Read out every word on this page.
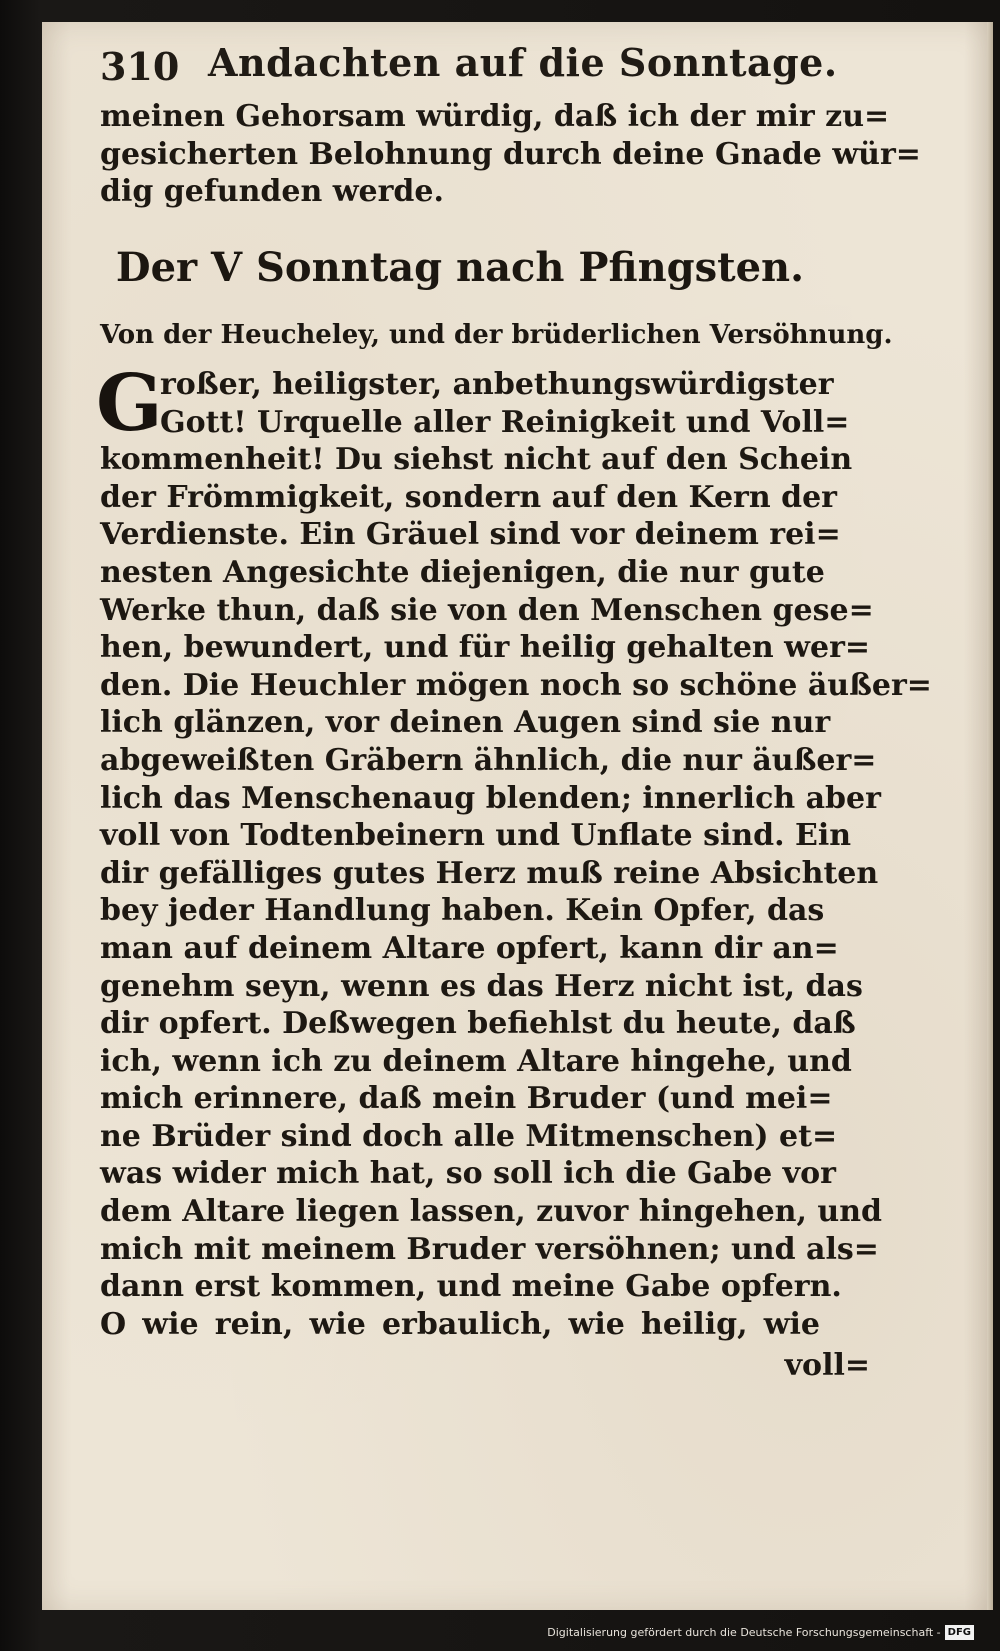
310 Andachten auf die Sonntage.
meinen Gehorsam würdig, daß ich der mir zu=
gesicherten Belohnung durch deine Gnade wür=
dig gefunden werde.
Der V Sonntag nach Pfingsten.
Von der Heucheley, und der brüderlichen Versöhnung.
G
roßer, heiligster, anbethungswürdigster
Gott! Urquelle aller Reinigkeit und Voll=
kommenheit! Du siehst nicht auf den Schein
der Frömmigkeit, sondern auf den Kern der
Verdienste. Ein Gräuel sind vor deinem rei=
nesten Angesichte diejenigen, die nur gute
Werke thun, daß sie von den Menschen gese=
hen, bewundert, und für heilig gehalten wer=
den. Die Heuchler mögen noch so schöne äußer=
lich glänzen, vor deinen Augen sind sie nur
abgeweißten Gräbern ähnlich, die nur äußer=
lich das Menschenaug blenden; innerlich aber
voll von Todtenbeinern und Unflate sind. Ein
dir gefälliges gutes Herz muß reine Absichten
bey jeder Handlung haben. Kein Opfer, das
man auf deinem Altare opfert, kann dir an=
genehm seyn, wenn es das Herz nicht ist, das
dir opfert. Deßwegen befiehlst du heute, daß
ich, wenn ich zu deinem Altare hingehe, und
mich erinnere, daß mein Bruder (und mei=
ne Brüder sind doch alle Mitmenschen) et=
was wider mich hat, so soll ich die Gabe vor
dem Altare liegen lassen, zuvor hingehen, und
mich mit meinem Bruder versöhnen; und als=
dann erst kommen, und meine Gabe opfern.
O wie rein, wie erbaulich, wie heilig, wie
voll=
Digitalisierung gefördert durch die Deutsche Forschungsgemeinschaft - DFG
